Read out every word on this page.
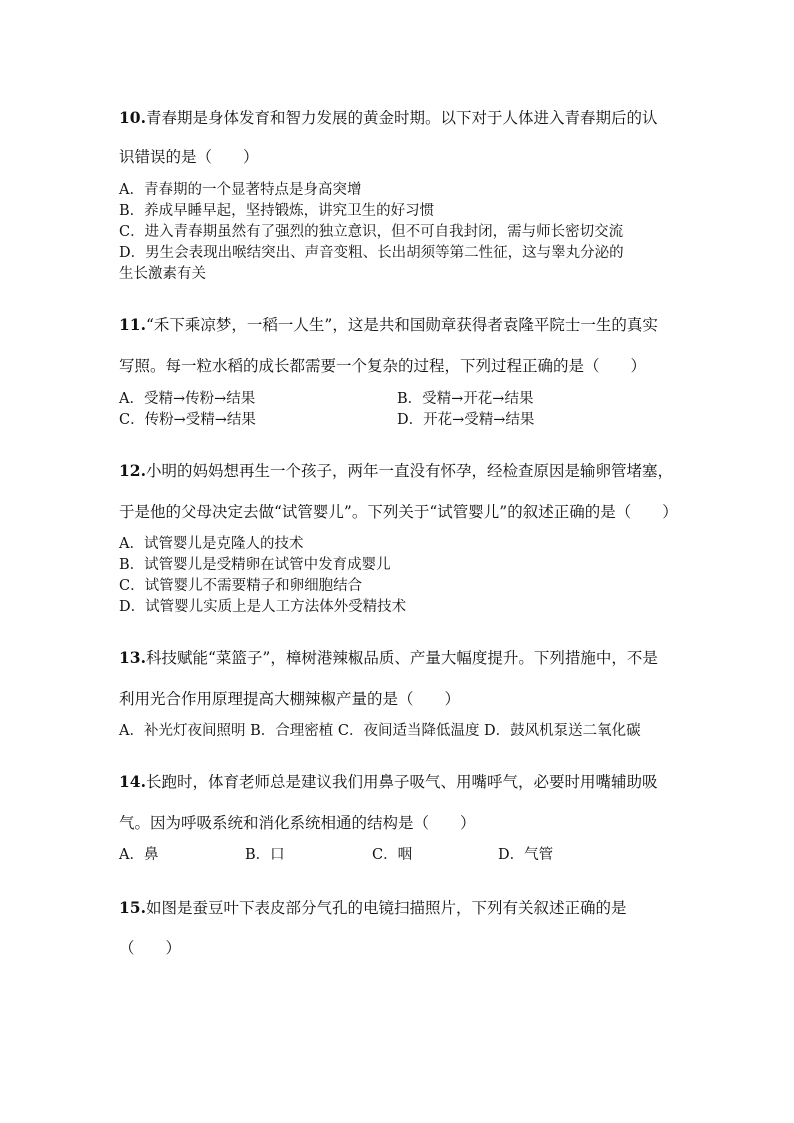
10.青春期是身体发育和智力发展的黄金时期。以下对于人体进入青春期后的认
识错误的是（　　）
A．青春期的一个显著特点是身高突增
B．养成早睡早起，坚持锻炼，讲究卫生的好习惯
C．进入青春期虽然有了强烈的独立意识，但不可自我封闭，需与师长密切交流
D．男生会表现出喉结突出、声音变粗、长出胡须等第二性征，这与睾丸分泌的
生长激素有关
11.“禾下乘凉梦，一稻一人生”，这是共和国勋章获得者袁隆平院士一生的真实
写照。每一粒水稻的成长都需要一个复杂的过程，下列过程正确的是（　　）
A．受精→传粉→结果	B．受精→开花→结果
C．传粉→受精→结果	D．开花→受精→结果
12.小明的妈妈想再生一个孩子，两年一直没有怀孕，经检查原因是输卵管堵塞，
于是他的父母决定去做“试管婴儿”。下列关于“试管婴儿”的叙述正确的是（　　）
A．试管婴儿是克隆人的技术
B．试管婴儿是受精卵在试管中发育成婴儿
C．试管婴儿不需要精子和卵细胞结合
D．试管婴儿实质上是人工方法体外受精技术
13.科技赋能“菜篮子”，樟树港辣椒品质、产量大幅度提升。下列措施中，不是
利用光合作用原理提高大棚辣椒产量的是（　　）
A．补光灯夜间照明 B．合理密植 C．夜间适当降低温度 D．鼓风机泵送二氧化碳
14.长跑时，体育老师总是建议我们用鼻子吸气、用嘴呼气，必要时用嘴辅助吸
气。因为呼吸系统和消化系统相通的结构是（　　）
A．鼻	B．口	C．咽	D．气管
15.如图是蚕豆叶下表皮部分气孔的电镜扫描照片，下列有关叙述正确的是
（　　）
